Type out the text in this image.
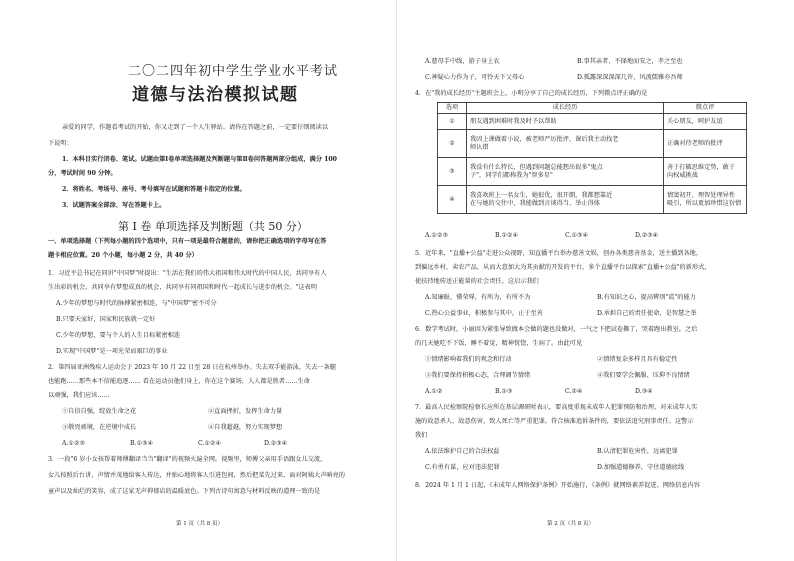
二〇二四年初中学生学业水平考试
道德与法治模拟试题
亲爱的同学，作题看考试的开始，你又走到了一个人生驿站。请你在答题之前，一定要仔细阅读以
下说明：
1．本科目实行闭卷、笔试。试题由第Ⅰ卷单项选择题及判断题与第Ⅱ卷问答题两部分组成，满分 100
分，考试时间 90 分钟。
2．将姓名、考场号、座号、考号填写在试题和答题卡指定的位置。
3．试题答案全部涂、写在答题卡上。
第 I 卷 单项选择及判断题（共 50 分）
一、单项选择题（下列每小题的四个选项中，只有一项是最符合题意的，请你把正确选项的字母写在答
题卡相应位置。20 个小题，每小题 2 分，共 40 分）
1．习近平总书记在同讲"中国梦"时提出："生活在我们的伟大祖国和伟大时代的中国人民，共同享有人
生出彩的机会，共同享有梦想成真的机会，共同享有同祖国和时代一起成长与进步的机会。"这表明
A.少年的梦想与时代的脉搏紧密相连，与"中国梦"密不可分
B.只要天家好，国家和民族就一定好
C.少年的梦想，要与个人的人生目标紧密相连
D.实现"中国梦"是一项光荣而艰巨的事业
2．第四届亚洲残疾人运动会于 2023 年 10 月 22 日至 28 日在杭州举办。失去双手能游泳，失去一条腿
也能跑……那些本不信能追逐…… 看在运动员他们身上，你在这个赛场，人人都是胜者……生命
以顽强，我们应该……
①自信自强，绽放生命之花	②直面挫折，发挥生命力量
③敬畏顽境，在逆境中成长	④自我超越，努力实现梦想
A.①②③	B.①③④	C.①②④	D.②③④
3．一段"6 岁小女孩帮着师傅翻译当当"翻译"的视频火遍全网。视频里，师傅父亲用手语跟女儿交流，
女儿按照后台讲，声情并茂地给客人传达，并贴心地将客人引进包间，然后把菜先过来，面对阿姨大声响亮的
童声以及灿烂的笑容，成了这家无声抑郁店的温暖底色。下列古诗句寓意与材料反映的道理一致的是
第 1 页（共 8 页）
A.慈母手中线，游子身上衣	B.事其亲者，不择地而安之，孝之至也
C.神疑心力作为子，可怜天下父母心	D.孤露深深深深几许，风流儒雅亦吾师
4．在"我的成长经历"主题班会上，小明分享了自己的成长经历，下列微点评正确的是
选项	成长经历	微点评
①	朋友遇到困难时我及时予以帮助	关心朋友，呵护友谊
②	我因上课做着小说，被老师严厉批评，课后我主动找老
师认错	正确对待老师的批评
③	我没有什么特长，但遇到问题总能想出很多"鬼点
子"，同学们都称我为"智多星"	善于打破思维定势，敢于
向权威挑战
④	我喜欢班上一名女生，她很优，很开朗，我都想靠近
在与她的交往中，我能做到言谈得当、举止得体	情窦初开，理智处理异性
吸引，所以更加珍惜这份情
A.①②③	B.①②④	C.①③④	D.②③④
5．近年来，"直播+公益"走进公众视野，知直播平台举办慈善文娱，创办各类慈善基金，送主播到各地，
到偏远乡村，卖农产品，从而大意加大为其贡献的开发的平台，多个直播平台以探索"直播+公益"的新形式，
使扶持地传送正能量的社会责任。这启示我们
A.知廉耻，懂荣辱，有所为，有所不为	B.有知识之心，提高辨别"谎"的能力
C.热心公益事业，积极参与其中，止于至善	D.承担自己的责任使命，是智慧之举
6．数学考试时，小丽因为紧张导致做本会做的题也没做对，一气之下把试卷撕了，哭着跑出教室。之后
的几天她吃不下饭，睡不着觉，精神恍惚，生病了。由此可见
①情绪影响着我们的观念和行动	②情绪复杂多样且具有稳定性
③我们要保持积极心态，合理调节情绪	④我们要学会佩服、压抑不良情绪
A.①②	B.①③	C.②④	D.③④
7．最高人民检察院检察长应所在基层调研时表示，要高度重视未成年人犯罪预防和治理，对未成年人实
施的故意杀人、故意伤害，致人死亡等严重犯罪，符合核准追诉条件的，要依法追究刑事责任。这警示
我们
A.依法维护自己的合法权益	B.认清犯罪危害性，远离犯罪
C.有勇有谋，应对违法犯罪	D.加强道德修养，守住道德底线
8．2024 年 1 月 1 日起，《未成年人网络保护条例》开始施行，《条例》就网络素养促进、网络信息内容
第 2 页（共 8 页）
